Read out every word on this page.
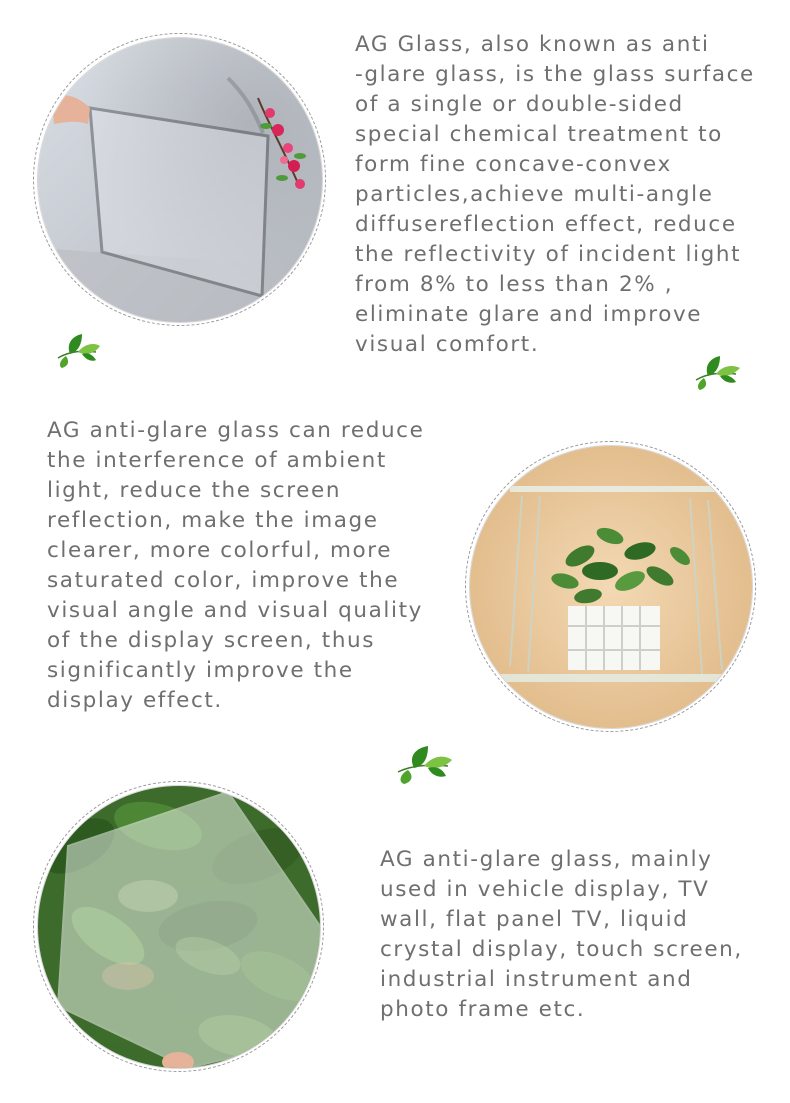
AG Glass, also known as anti
-glare glass, is the glass surface
of a single or double-sided
special chemical treatment to
form fine concave-convex
particles,achieve multi-angle
diffusereflection effect, reduce
the reflectivity of incident light
from 8% to less than 2% ,
eliminate glare and improve
visual comfort.
AG anti-glare glass can reduce
the interference of ambient
light, reduce the screen
reflection, make the image
clearer, more colorful, more
saturated color, improve the
visual angle and visual quality
of the display screen, thus
significantly improve the
display effect.
AG anti-glare glass, mainly
used in vehicle display, TV
wall, flat panel TV, liquid
crystal display, touch screen,
industrial instrument and
photo frame etc.
